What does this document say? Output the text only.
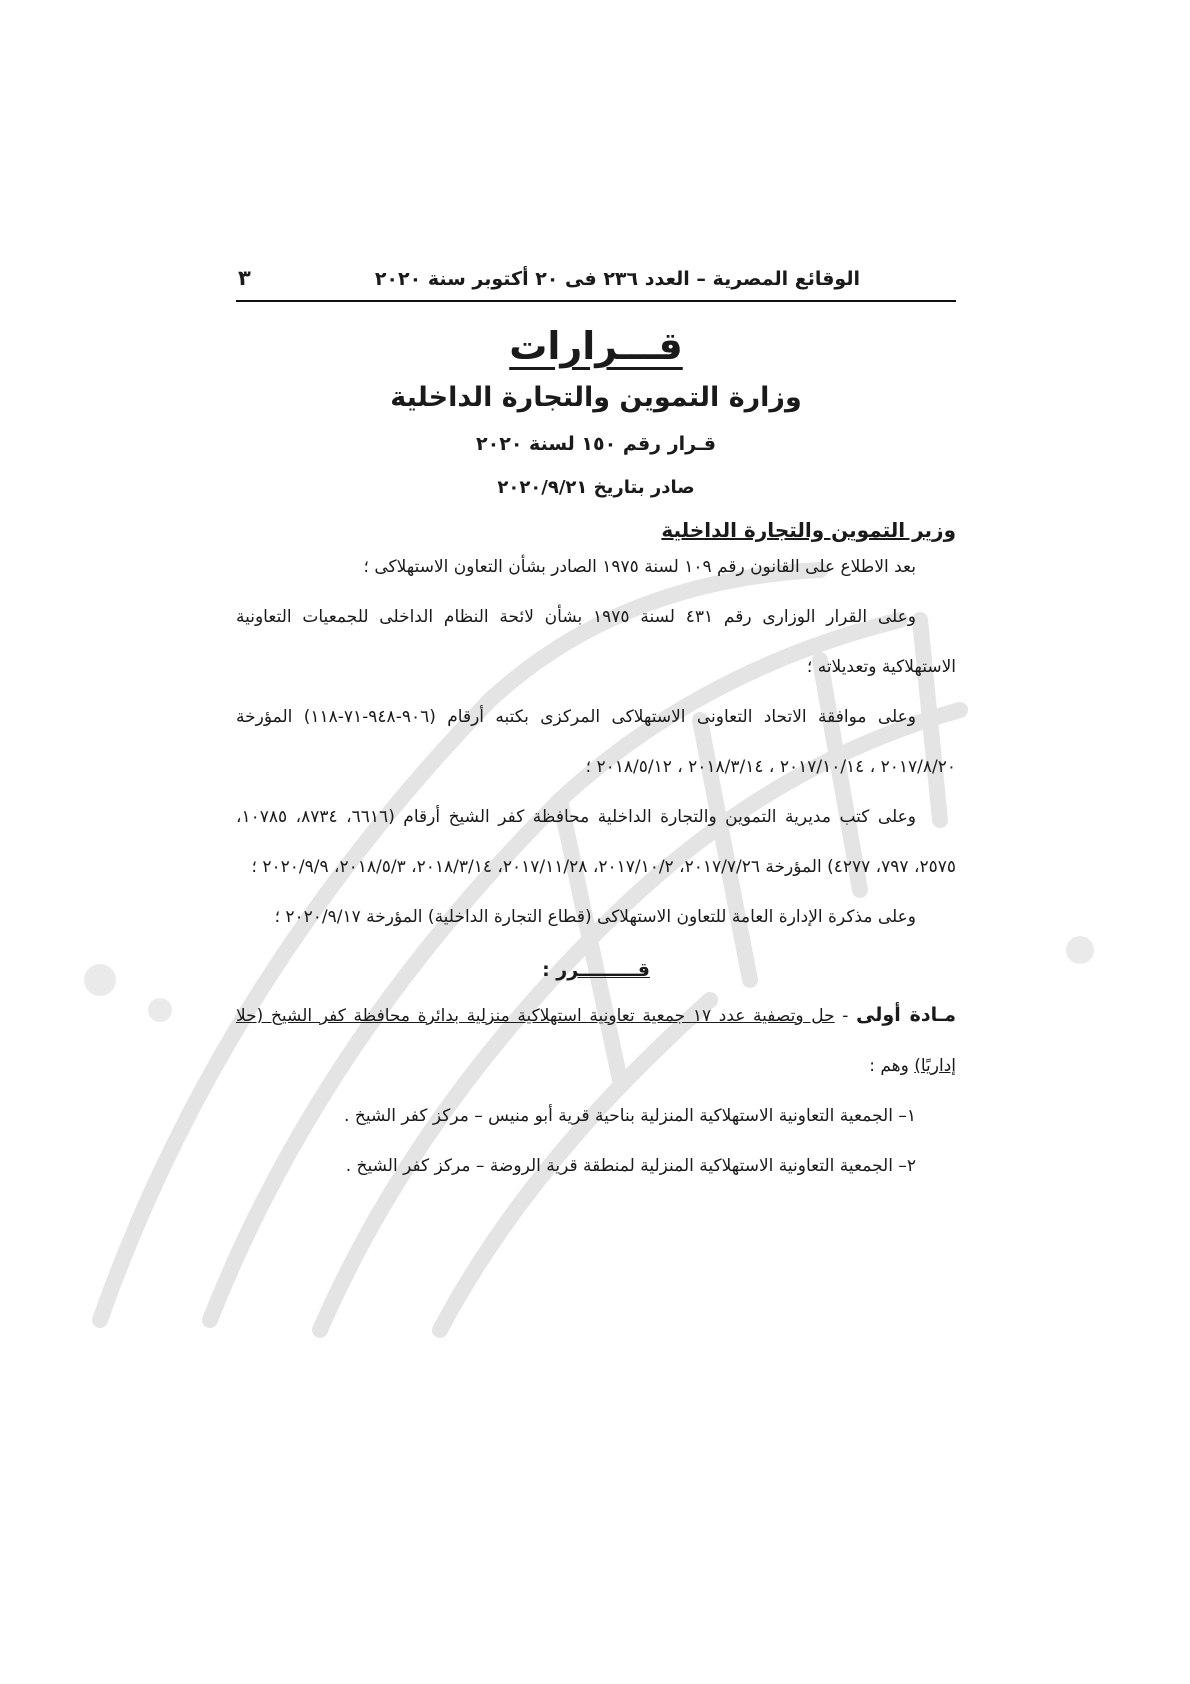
الوقائع المصرية – العدد ٢٣٦ فى ٢٠ أكتوبر سنة ٢٠٢٠
٣
قـــرارات
وزارة التموين والتجارة الداخلية
قـرار رقم ١٥٠ لسنة ٢٠٢٠
صادر بتاريخ ٢٠٢٠/٩/٢١
وزير التموين والتجارة الداخلية
بعد الاطلاع على القانون رقم ١٠٩ لسنة ١٩٧٥ الصادر بشأن التعاون الاستهلاكى ؛
وعلى القرار الوزارى رقم ٤٣١ لسنة ١٩٧٥ بشأن لائحة النظام الداخلى للجمعيات التعاونية الاستهلاكية وتعديلاته ؛
وعلى موافقة الاتحاد التعاونى الاستهلاكى المركزى بكتبه أرقام (٩٠٦-٩٤٨-٧١-١١٨) المؤرخة ٢٠١٧/٨/٢٠ ، ٢٠١٧/١٠/١٤ ، ٢٠١٨/٣/١٤ ، ٢٠١٨/٥/١٢ ؛
وعلى كتب مديرية التموين والتجارة الداخلية محافظة كفر الشيخ أرقام (٦٦١٦، ٨٧٣٤، ١٠٧٨٥، ٢٥٧٥، ٧٩٧، ٤٢٧٧) المؤرخة ٢٠١٧/٧/٢٦، ٢٠١٧/١٠/٢، ٢٠١٧/١١/٢٨، ٢٠١٨/٣/١٤، ٢٠١٨/٥/٣، ٢٠٢٠/٩/٩ ؛
وعلى مذكرة الإدارة العامة للتعاون الاستهلاكى (قطاع التجارة الداخلية) المؤرخة ٢٠٢٠/٩/١٧ ؛
قـــــــــرر :
مـادة أولى - حل وتصفية عدد ١٧ جمعية تعاونية استهلاكية منزلية بدائرة محافظة كفر الشيخ (حلا إداريًا) وهم :
١– الجمعية التعاونية الاستهلاكية المنزلية بناحية قرية أبو منيس – مركز كفر الشيخ .
٢– الجمعية التعاونية الاستهلاكية المنزلية لمنطقة قرية الروضة – مركز كفر الشيخ .
